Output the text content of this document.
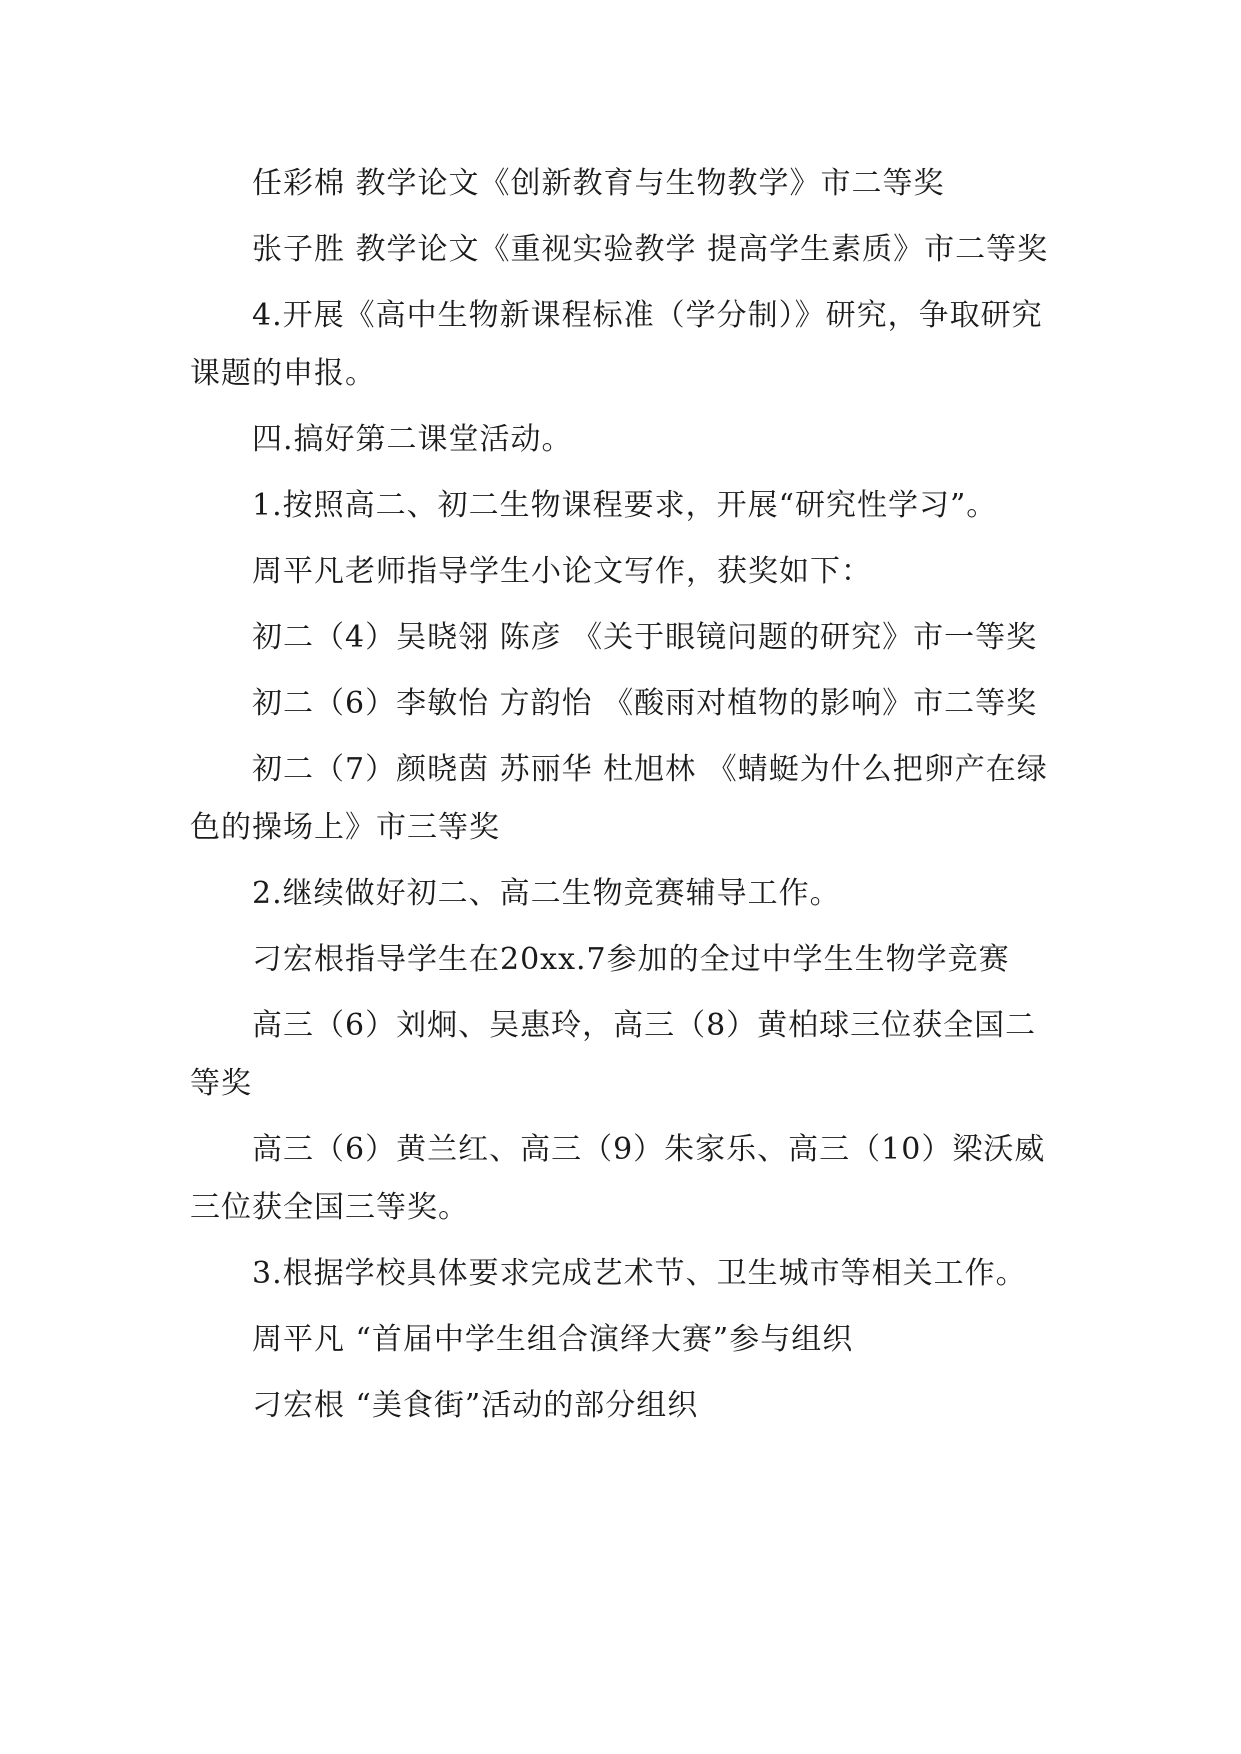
任彩棉 教学论文《创新教育与生物教学》市二等奖

张子胜 教学论文《重视实验教学 提高学生素质》市二等奖

4.开展《高中生物新课程标准（学分制）》研究，争取研究课题的申报。

四.搞好第二课堂活动。

1.按照高二、初二生物课程要求，开展“研究性学习”。

周平凡老师指导学生小论文写作，获奖如下：

初二（4）吴晓翎 陈彦 《关于眼镜问题的研究》市一等奖

初二（6）李敏怡 方韵怡 《酸雨对植物的影响》市二等奖

初二（7）颜晓茵 苏丽华 杜旭林 《蜻蜓为什么把卵产在绿色的操场上》市三等奖

2.继续做好初二、高二生物竞赛辅导工作。

刁宏根指导学生在20xx.7参加的全过中学生生物学竞赛

高三（6）刘炯、吴惠玲，高三（8）黄柏球三位获全国二等奖

高三（6）黄兰红、高三（9）朱家乐、高三（10）梁沃威三位获全国三等奖。

3.根据学校具体要求完成艺术节、卫生城市等相关工作。

周平凡 “首届中学生组合演绎大赛”参与组织

刁宏根 “美食街”活动的部分组织
